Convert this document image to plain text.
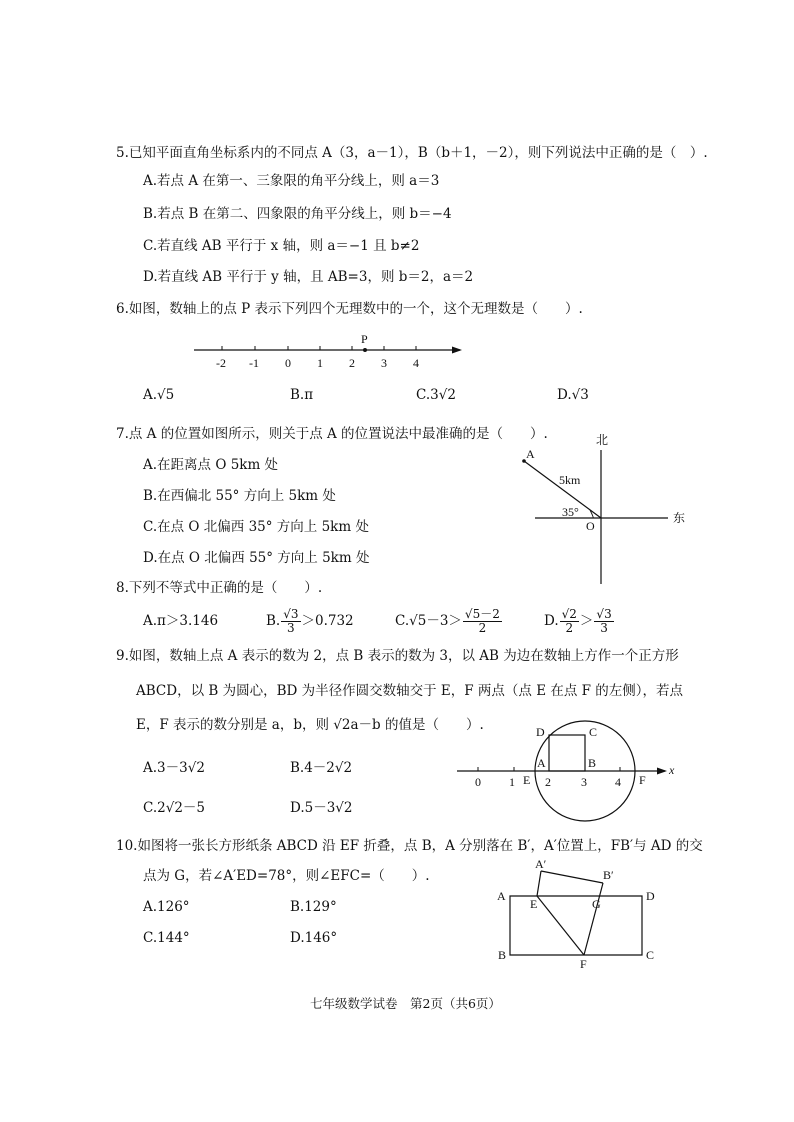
5.已知平面直角坐标系内的不同点 A（3，a－1），B（b＋1，－2），则下列说法中正确的是（　）.
A.若点 A 在第一、三象限的角平分线上，则 a＝3
B.若点 B 在第二、四象限的角平分线上，则 b＝−4
C.若直线 AB 平行于 x 轴，则 a＝−1 且 b≠2
D.若直线 AB 平行于 y 轴，且 AB=3，则 b＝2，a＝2
6.如图，数轴上的点 P 表示下列四个无理数中的一个，这个无理数是（　　）.
-2 -1 0 1 2 3 4
P
A.√5	B.π	C.3√2	D.√3
7.点 A 的位置如图所示，则关于点 A 的位置说法中最准确的是（　　）.
A.在距离点 O 5km 处
B.在西偏北 55° 方向上 5km 处
C.在点 O 北偏西 35° 方向上 5km 处
D.在点 O 北偏西 55° 方向上 5km 处
北
东
O
A
5km
35°
8.下列不等式中正确的是（　　）.
A.π＞3.146	B. $\frac{√3}{3} >0.732$	$C.√5-3> \frac{√5-2}{2}$	D. $\frac{√2}{2} > \frac{√3}{3}$
9.如图，数轴上点 A 表示的数为 2，点 B 表示的数为 3，以 AB 为边在数轴上方作一个正方形
ABCD，以 B 为圆心，BD 为半径作圆交数轴交于 E，F 两点（点 E 在点 F 的左侧），若点
E，F 表示的数分别是 a，b，则 √2a－b 的值是（　　）.
A.3－3√2	B.4－2√2
C.2√2－5	D.5－3√2
0 1	2	3 4
A	B
C
D
E	F
x
10.如图将一张长方形纸条 ABCD 沿 EF 折叠，点 B，A 分别落在 B′，A′位置上，FB′与 AD 的交
点为 G，若∠A′ED=78°，则∠EFC=（　　）.
A.126°	B.129°
C.144°	D.146°
A
B	C
D
E
F
G
A′
B′
七年级数学试卷　第2页（共6页）
